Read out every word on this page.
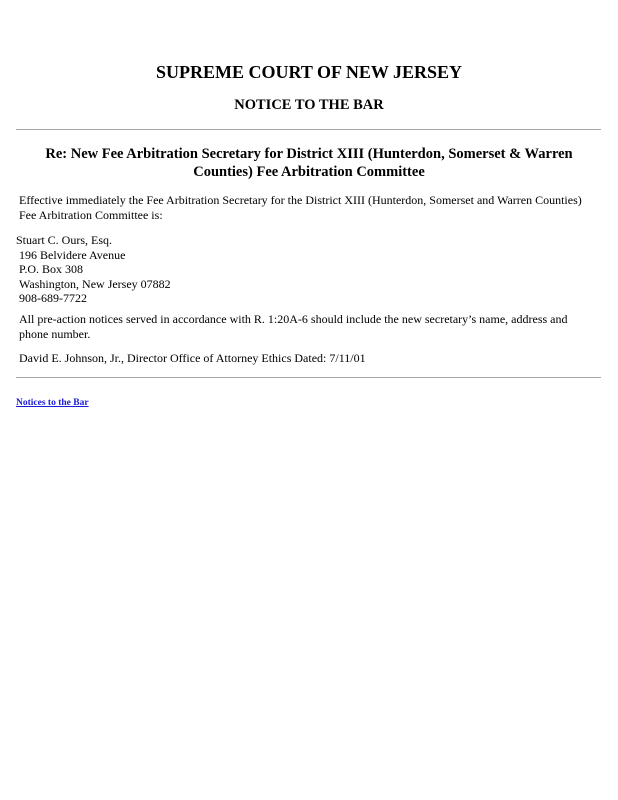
SUPREME COURT OF NEW JERSEY
NOTICE TO THE BAR
Re: New Fee Arbitration Secretary for District XIII (Hunterdon, Somerset & Warren
Counties) Fee Arbitration Committee
Effective immediately the Fee Arbitration Secretary for the District XIII (Hunterdon, Somerset and Warren Counties)
Fee Arbitration Committee is:
Stuart C. Ours, Esq.
196 Belvidere Avenue
P.O. Box 308
Washington, New Jersey 07882
908-689-7722
All pre-action notices served in accordance with R. 1:20A-6 should include the new secretary’s name, address and
phone number.
David E. Johnson, Jr., Director Office of Attorney Ethics Dated: 7/11/01
Notices to the Bar
